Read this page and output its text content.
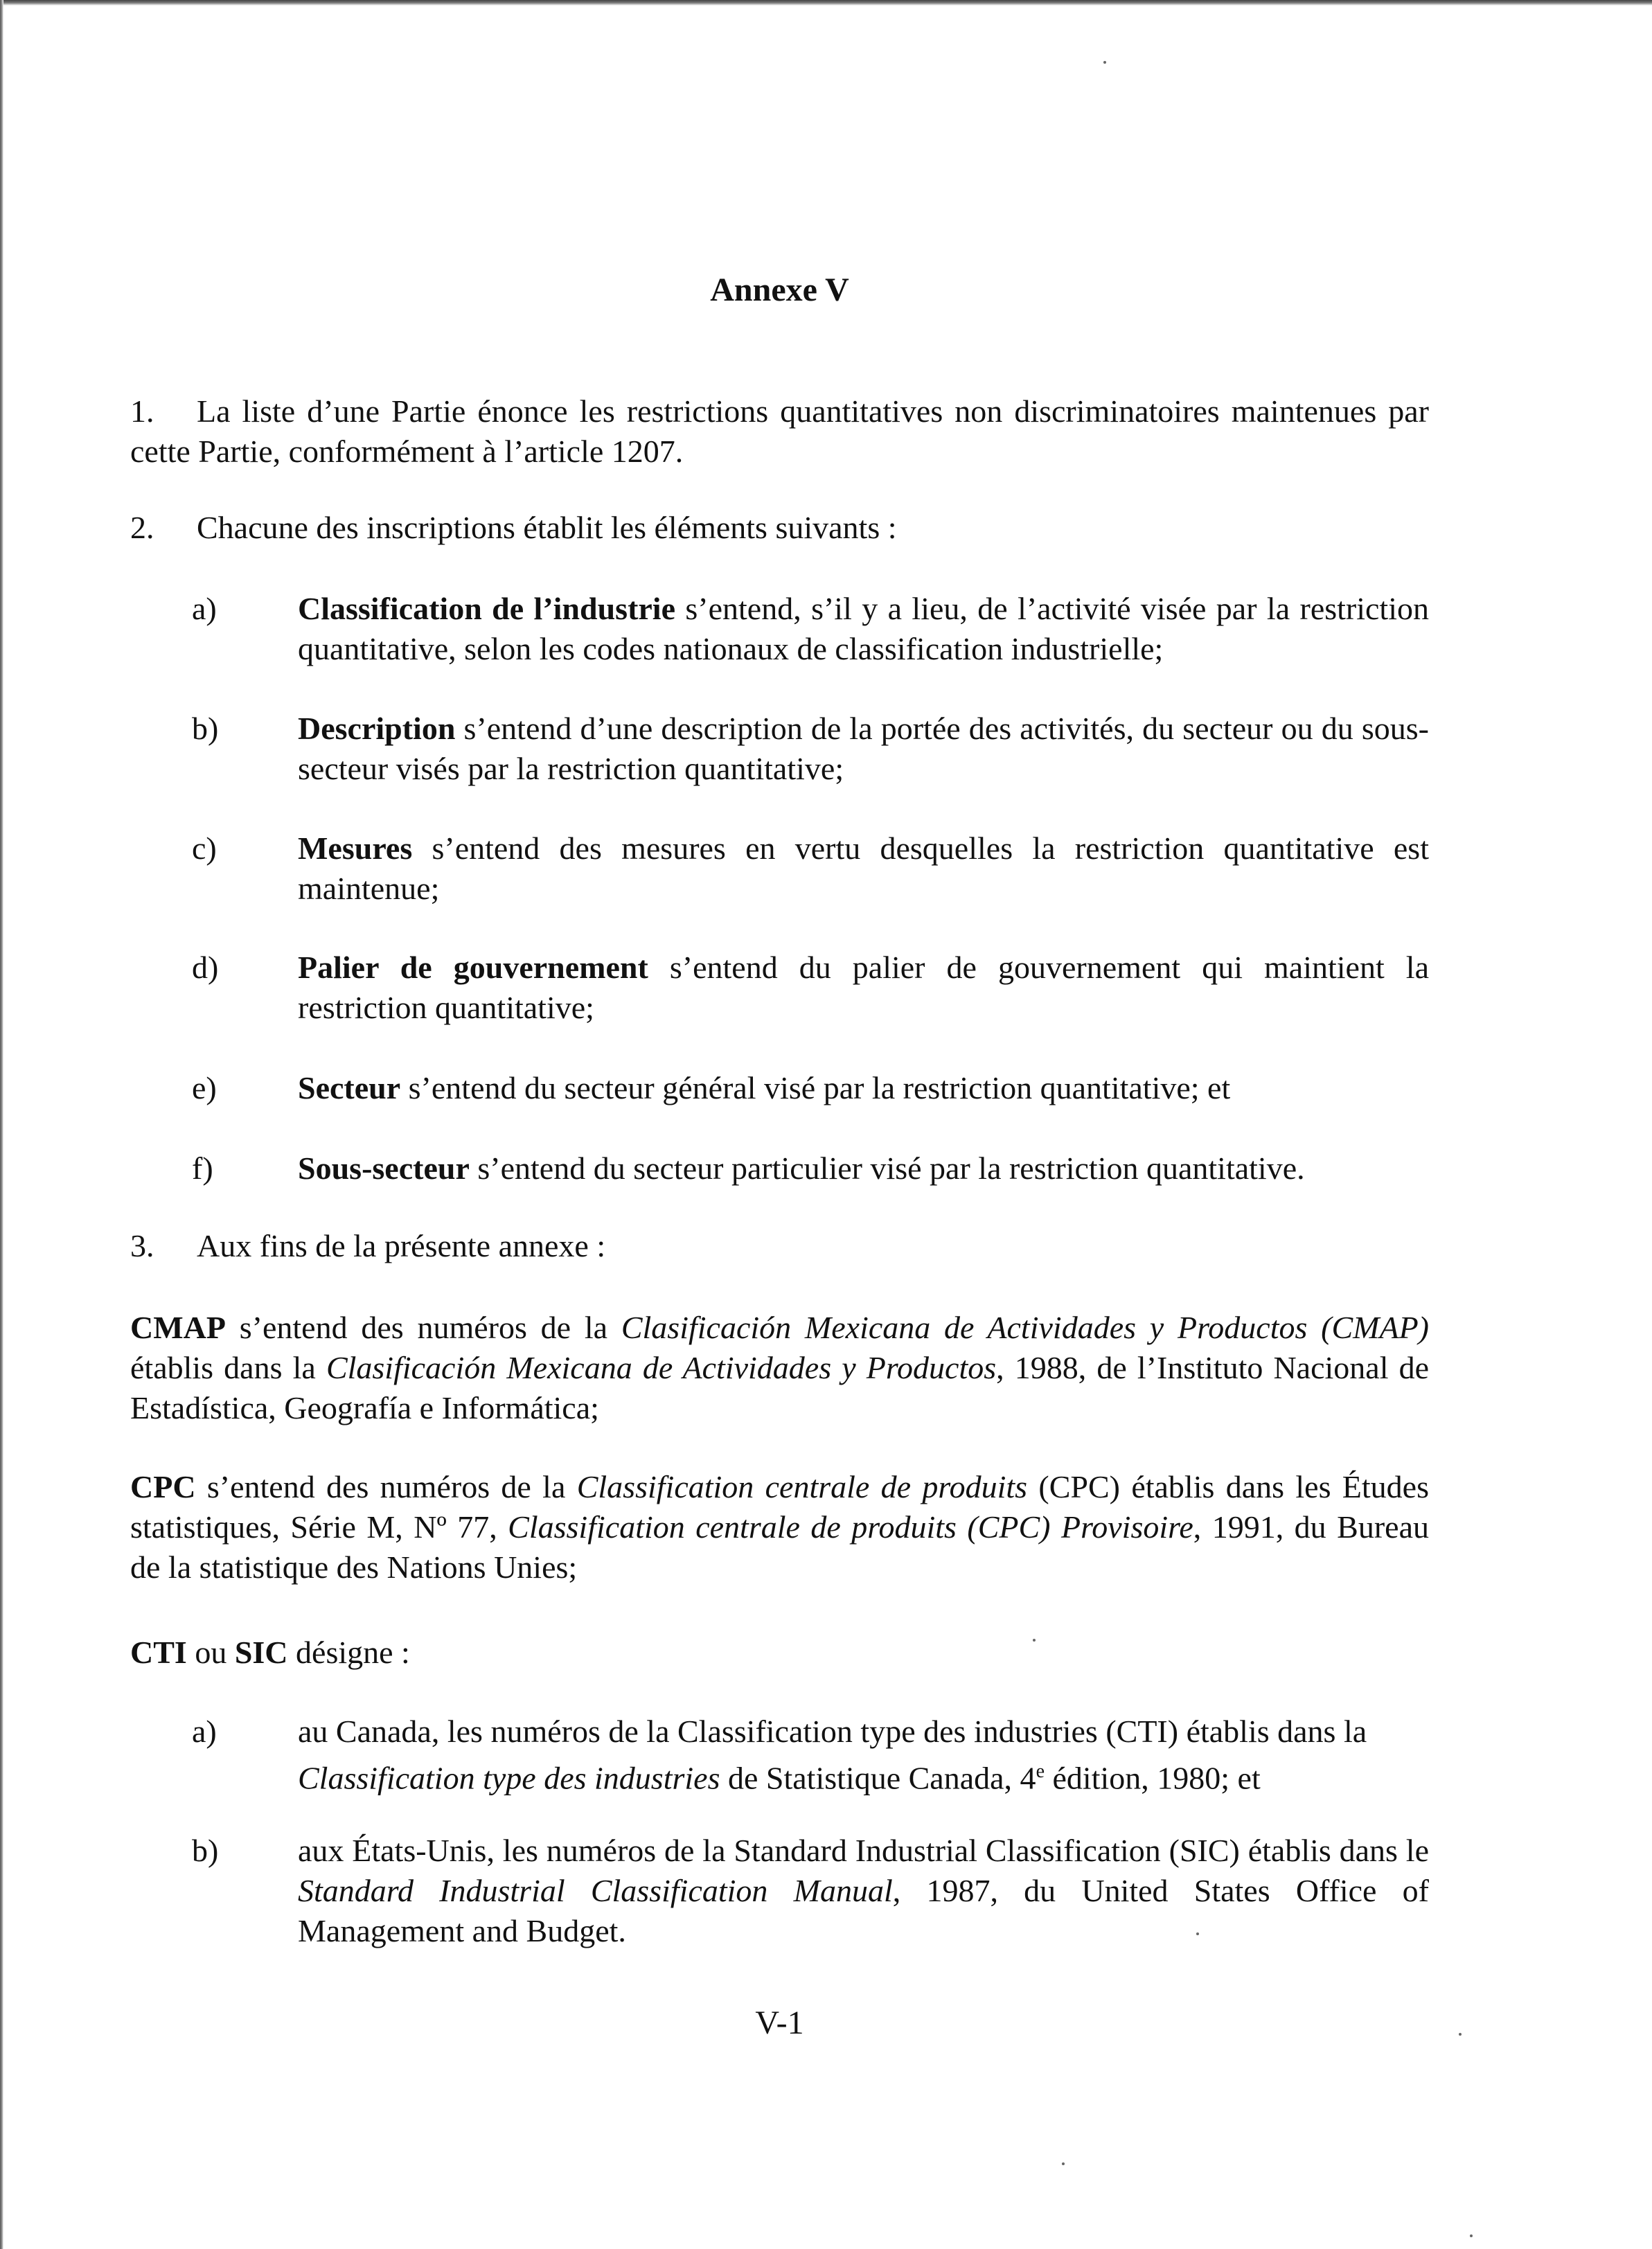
Annexe V

1. La liste d’une Partie énonce les restrictions quantitatives non discriminatoires maintenues par cette Partie, conformément à l’article 1207.

2. Chacune des inscriptions établit les éléments suivants :

a)	Classification de l’industrie s’entend, s’il y a lieu, de l’activité visée par la restriction quantitative, selon les codes nationaux de classification industrielle;

b) Description s’entend d’une description de la portée des activités, du secteur ou du sous-secteur visés par la restriction quantitative;

c)	Mesures s’entend des mesures en vertu desquelles la restriction quantitative est maintenue;

d) Palier de gouvernement s’entend du palier de gouvernement qui maintient la restriction quantitative;

e)	Secteur s’entend du secteur général visé par la restriction quantitative; et

f)	Sous-secteur s’entend du secteur particulier visé par la restriction quantitative.

3. Aux fins de la présente annexe :

CMAP s’entend des numéros de la Clasificación Mexicana de Actividades y Productos (CMAP) établis dans la Clasificación Mexicana de Actividades y Productos, 1988, de l’Instituto Nacional de Estadística, Geografía e Informática;

CPC s’entend des numéros de la Classification centrale de produits (CPC) établis dans les Études statistiques, Série M, Nº 77, Classification centrale de produits (CPC) Provisoire, 1991, du Bureau de la statistique des Nations Unies;

CTI ou SIC désigne :

a)	au Canada, les numéros de la Classification type des industries (CTI) établis dans la Classification type des industries de Statistique Canada, 4e édition, 1980; et

b) aux États-Unis, les numéros de la Standard Industrial Classification (SIC) établis dans le Standard Industrial Classification Manual, 1987, du United States Office of Management and Budget.

V-1
